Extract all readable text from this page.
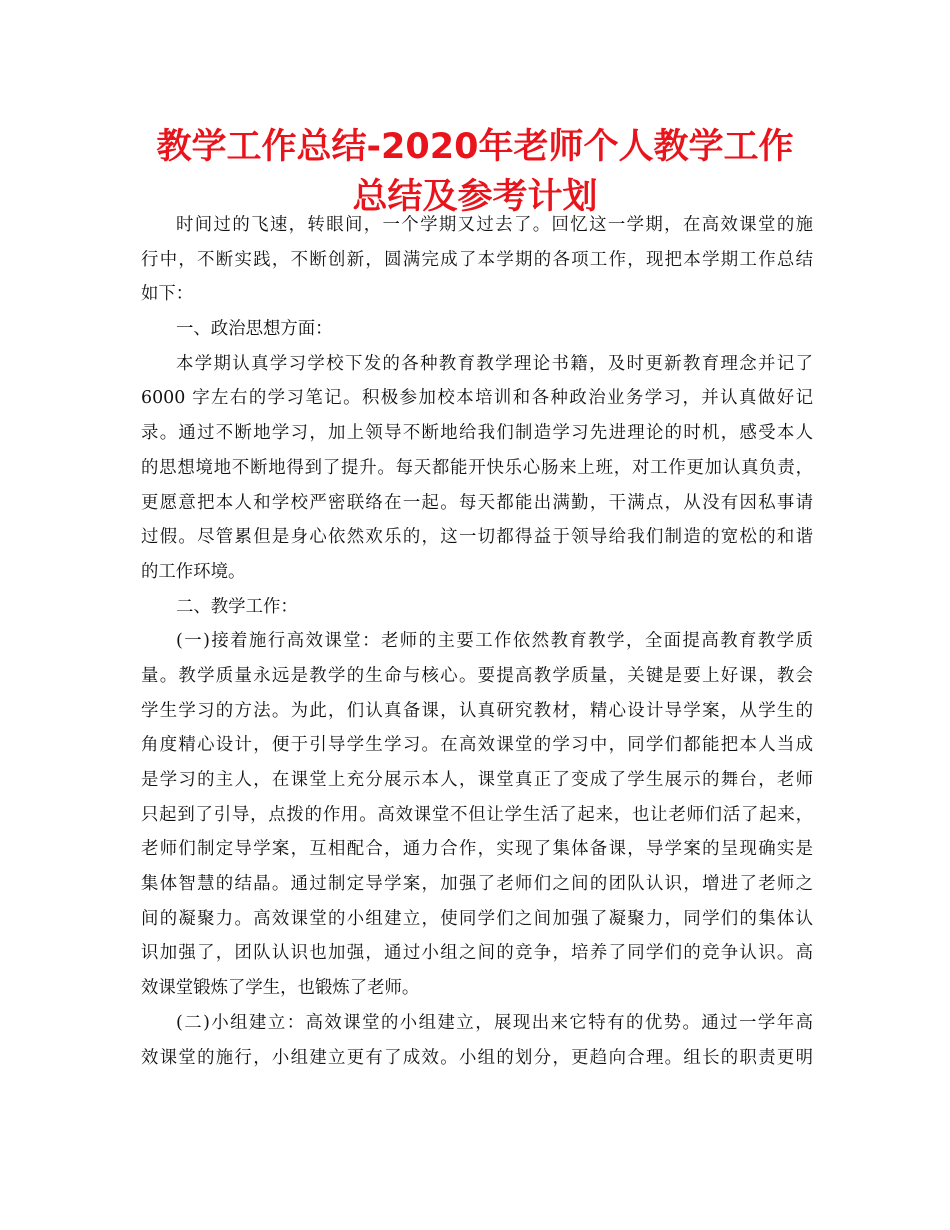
教学工作总结-2020年老师个人教学工作
总结及参考计划
时间过的飞速，转眼间，一个学期又过去了。回忆这一学期，在高效课堂的施
行中，不断实践，不断创新，圆满完成了本学期的各项工作，现把本学期工作总结
如下：
一、政治思想方面：
本学期认真学习学校下发的各种教育教学理论书籍，及时更新教育理念并记了
6000 字左右的学习笔记。积极参加校本培训和各种政治业务学习，并认真做好记
录。通过不断地学习，加上领导不断地给我们制造学习先进理论的时机，感受本人
的思想境地不断地得到了提升。每天都能开快乐心肠来上班，对工作更加认真负责，
更愿意把本人和学校严密联络在一起。每天都能出满勤，干满点，从没有因私事请
过假。尽管累但是身心依然欢乐的，这一切都得益于领导给我们制造的宽松的和谐
的工作环境。
二、教学工作：
(一)接着施行高效课堂：老师的主要工作依然教育教学，全面提高教育教学质
量。教学质量永远是教学的生命与核心。要提高教学质量，关键是要上好课，教会
学生学习的方法。为此，们认真备课，认真研究教材，精心设计导学案，从学生的
角度精心设计，便于引导学生学习。在高效课堂的学习中，同学们都能把本人当成
是学习的主人，在课堂上充分展示本人，课堂真正了变成了学生展示的舞台，老师
只起到了引导，点拨的作用。高效课堂不但让学生活了起来，也让老师们活了起来，
老师们制定导学案，互相配合，通力合作，实现了集体备课，导学案的呈现确实是
集体智慧的结晶。通过制定导学案，加强了老师们之间的团队认识，增进了老师之
间的凝聚力。高效课堂的小组建立，使同学们之间加强了凝聚力，同学们的集体认
识加强了，团队认识也加强，通过小组之间的竞争，培养了同学们的竞争认识。高
效课堂锻炼了学生，也锻炼了老师。
(二)小组建立：高效课堂的小组建立，展现出来它特有的优势。通过一学年高
效课堂的施行，小组建立更有了成效。小组的划分，更趋向合理。组长的职责更明
